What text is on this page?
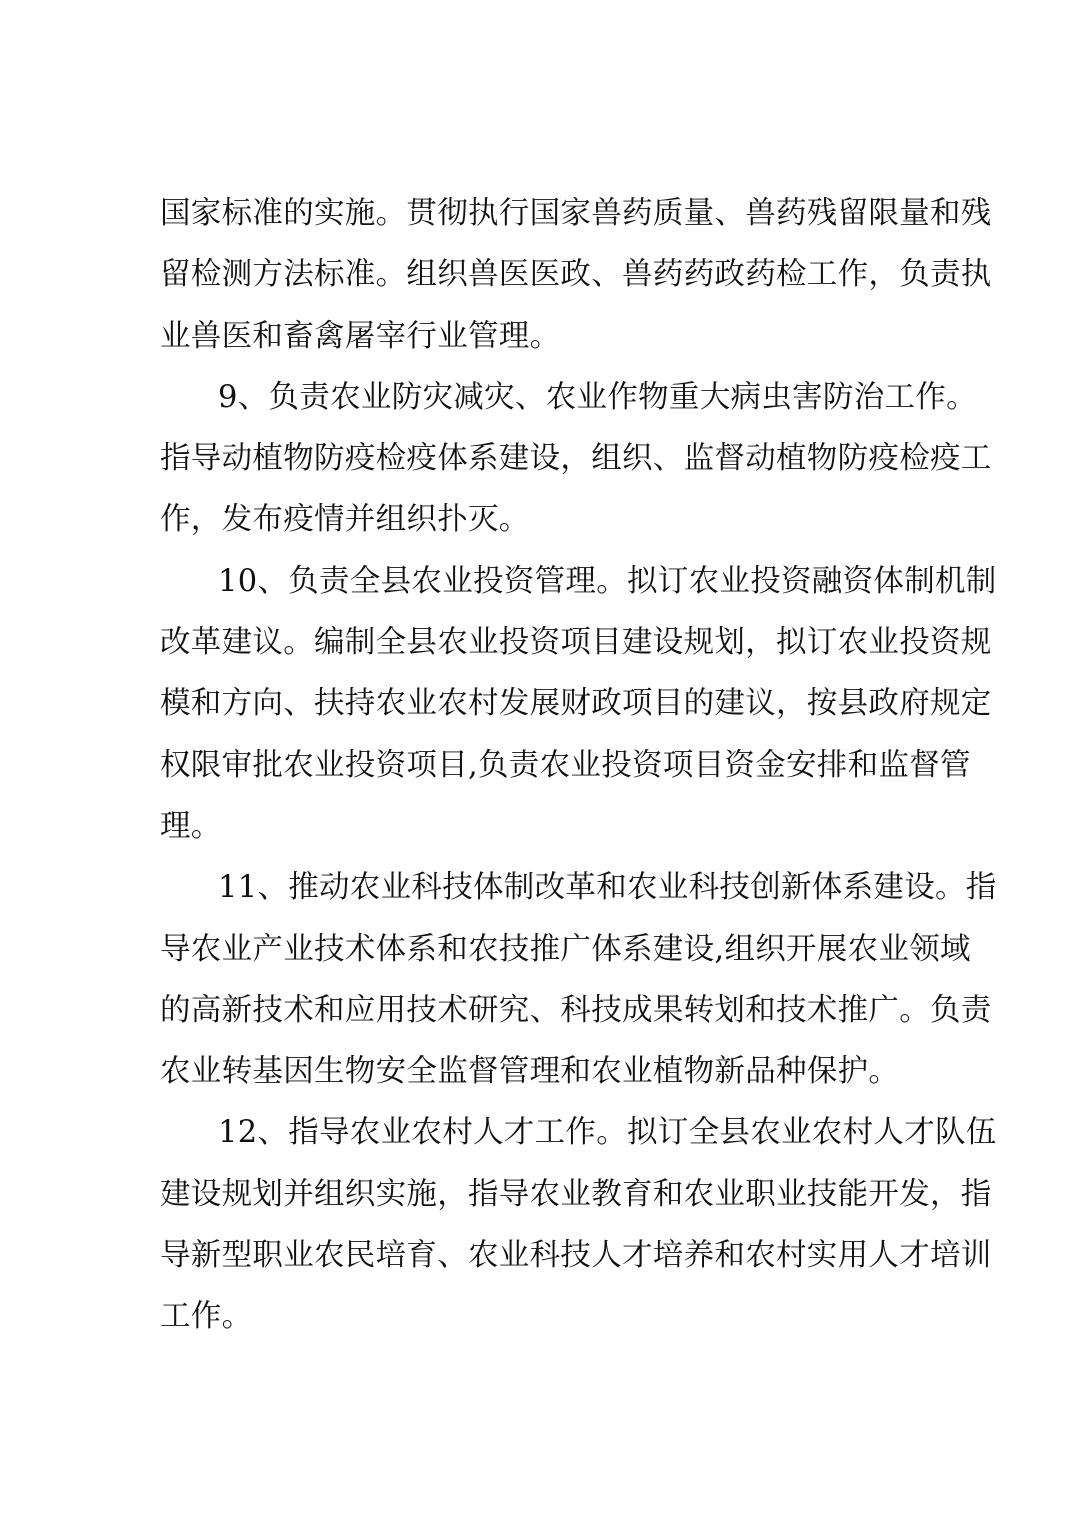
国家标准的实施。贯彻执行国家兽药质量、兽药残留限量和残
留检测方法标准。组织兽医医政、兽药药政药检工作，负责执
业兽医和畜禽屠宰行业管理。
9、负责农业防灾减灾、农业作物重大病虫害防治工作。
指导动植物防疫检疫体系建设，组织、监督动植物防疫检疫工
作，发布疫情并组织扑灭。
10、负责全县农业投资管理。拟订农业投资融资体制机制
改革建议。编制全县农业投资项目建设规划，拟订农业投资规
模和方向、扶持农业农村发展财政项目的建议，按县政府规定
权限审批农业投资项目,负责农业投资项目资金安排和监督管
理。
11、推动农业科技体制改革和农业科技创新体系建设。指
导农业产业技术体系和农技推广体系建设,组织开展农业领域
的高新技术和应用技术研究、科技成果转划和技术推广。负责
农业转基因生物安全监督管理和农业植物新品种保护。
12、指导农业农村人才工作。拟订全县农业农村人才队伍
建设规划并组织实施，指导农业教育和农业职业技能开发，指
导新型职业农民培育、农业科技人才培养和农村实用人才培训
工作。
